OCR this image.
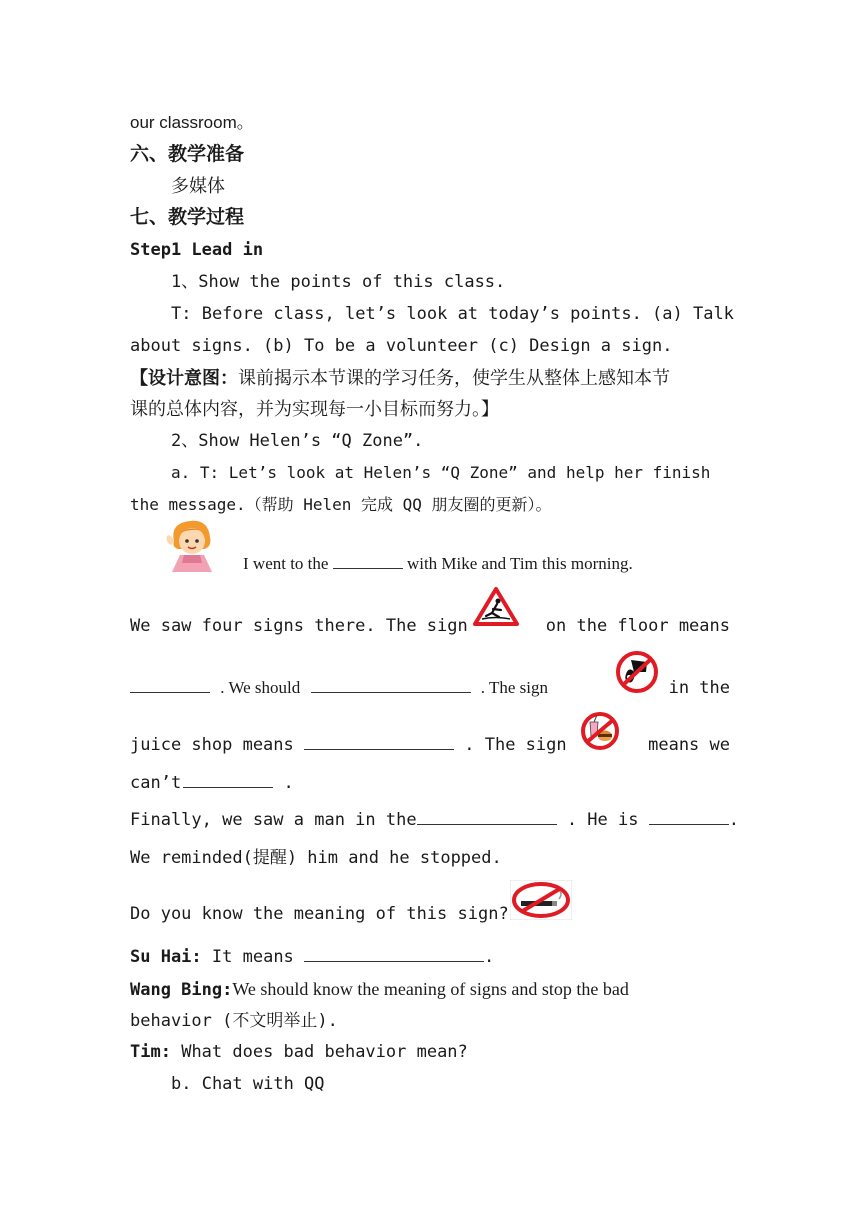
our classroom。
六、教学准备
多媒体
七、教学过程
Step1 Lead in
1、Show the points of this class.
T: Before class, let’s look at today’s points. (a) Talk
about signs. (b) To be a volunteer (c) Design a sign.
【设计意图：课前揭示本节课的学习任务，使学生从整体上感知本节
课的总体内容，并为实现每一小目标而努力。】
2、Show Helen’s “Q Zone”.
a. T: Let’s look at Helen’s “Q Zone” and help her finish
the message.（帮助 Helen 完成 QQ 朋友圈的更新）。
I went to the	with Mike and Tim this morning.
We saw four signs there. The sign	on the floor means
. We should	. The sign	in the
juice shop means	. The sign	means we
can’t	.
Finally, we saw a man in the	. He is	.
We reminded(提醒) him and he stopped.
Do you know the meaning of this sign?
Su Hai: It means	.
Wang Bing:We should know the meaning of signs and stop the bad
behavior (不文明举止).
Tim: What does bad behavior mean?
b. Chat with QQ
